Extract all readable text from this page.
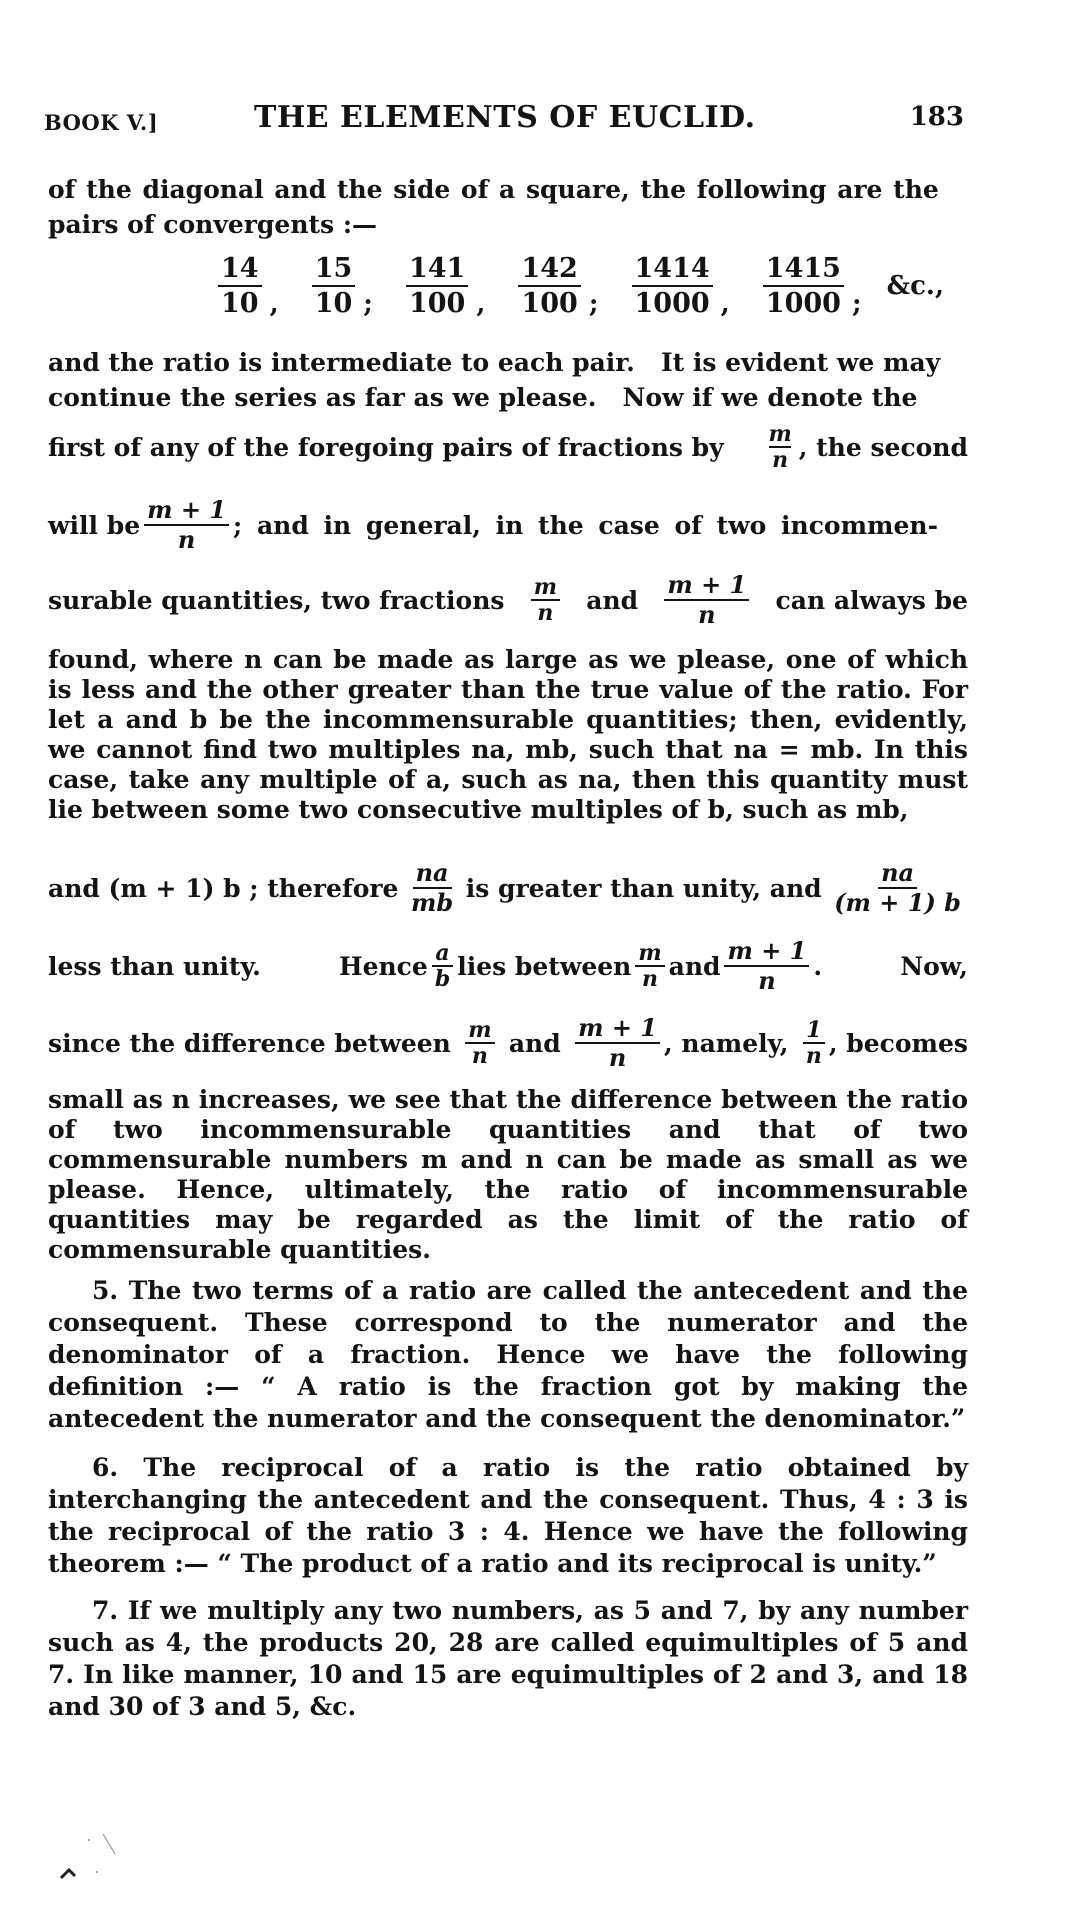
BOOK V.]	THE ELEMENTS OF EUCLID.	183
of the diagonal and the side of a square, the following are the
pairs of convergents :—
$\frac{14}{10}$ , $\frac{15}{10}$ ; $\frac{141}{100}$ , $\frac{142}{100}$ ; $\frac{1414}{1000}$ , $\frac{1415}{1000}$ ; &c.,
and the ratio is intermediate to each pair.   It is evident we may
continue the series as far as we please.   Now if we denote the
first of any of the foregoing pairs of fractions by $\frac{m}{n}$ , the second
will be $\frac{m + 1}{n}$ ; and in general, in the case of two incommen-
surable quantities, two fractions $\frac{m}{n}$ and $\frac{m + 1}{n}$ can always be
found, where n can be made as large as we please, one of which is less and the other greater than the true value of the ratio. For let a and b be the incommensurable quantities; then, evidently, we cannot find two multiples na, mb, such that na = mb. In this case, take any multiple of a, such as na, then this quantity must lie between some two consecutive multiples of b, such as mb,
and (m + 1) b ; therefore $\frac{na}{mb}$ is greater than unity, and $\frac{na}{(m + 1) b}$
less than unity.	Hence $\frac{a}{b}$ lies between $\frac{m}{n}$ and $\frac{m + 1}{n}$ .	Now,
since the difference between $\frac{m}{n}$ and $\frac{m + 1}{n}$ , namely, $\frac{1}{n}$ , becomes
small as n increases, we see that the difference between the ratio of two incommensurable quantities and that of two commensurable numbers m and n can be made as small as we please. Hence, ultimately, the ratio of incommensurable quantities may be regarded as the limit of the ratio of commensurable quantities.
5. The two terms of a ratio are called the antecedent and the consequent. These correspond to the numerator and the denominator of a fraction. Hence we have the following definition :— “ A ratio is the fraction got by making the antecedent the numerator and the consequent the denominator.”
6. The reciprocal of a ratio is the ratio obtained by interchanging the antecedent and the consequent. Thus, 4 : 3 is the reciprocal of the ratio 3 : 4. Hence we have the following theorem :— “ The product of a ratio and its reciprocal is unity.”
7. If we multiply any two numbers, as 5 and 7, by any number such as 4, the products 20, 28 are called equimultiples of 5 and 7. In like manner, 10 and 15 are equimultiples of 2 and 3, and 18 and 30 of 3 and 5, &c.
